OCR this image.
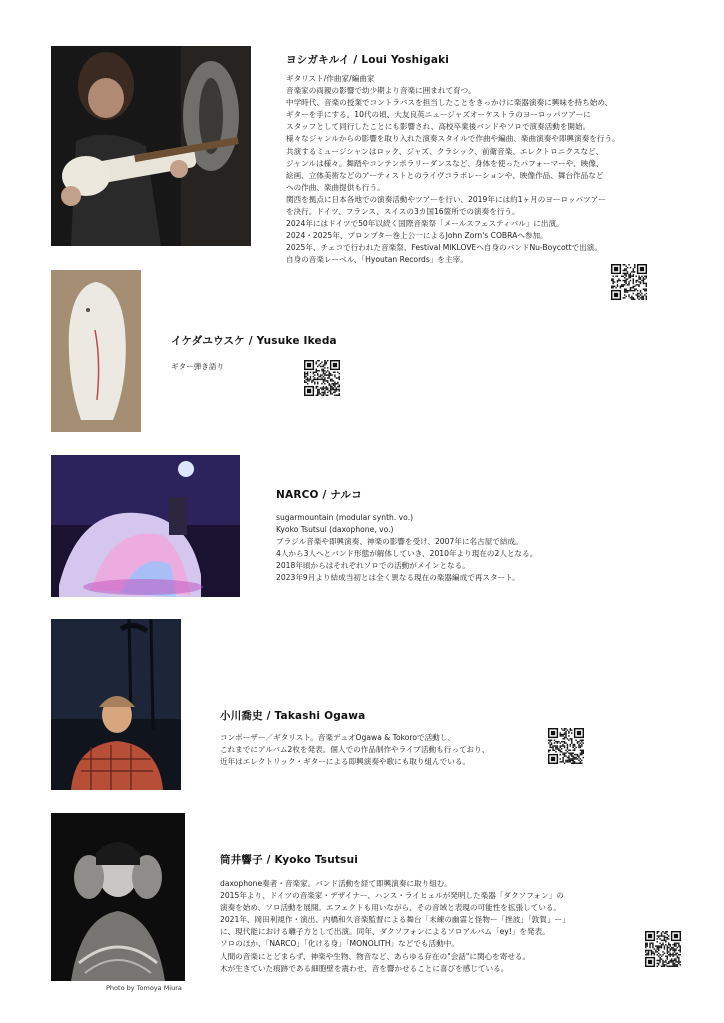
ヨシガキルイ / Loui Yoshigaki
ギタリスト/作曲家/編曲家
音楽家の両親の影響で幼少期より音楽に囲まれて育つ。
中学時代、音楽の授業でコントラバスを担当したことをきっかけに楽器演奏に興味を持ち始め、
ギターを手にする。10代の頃、大友良英ニュージャズオーケストラのヨーロッパツアーに
スタッフとして同行したことにも影響され、高校卒業後バンドやソロで演奏活動を開始。
様々なジャンルからの影響を取り入れた演奏スタイルで作曲や編曲、楽曲演奏や即興演奏を行う。
共演するミュージシャンはロック、ジャズ、クラシック、前衛音楽、エレクトロニクスなど、
ジャンルは様々。舞踏やコンテンポラリーダンスなど、身体を使ったパフォーマーや、映像、
絵画、立体美術などのアーティストとのライヴコラボレーションや、映像作品、舞台作品など
への作曲、楽曲提供も行う。
関西を拠点に日本各地での演奏活動やツアーを行い、2019年には約1ヶ月のヨーロッパツアー
を決行。ドイツ、フランス、スイスの3カ国16箇所での演奏を行う。
2024年にはドイツで50年以続く国際音楽祭「メールスフェスティバル」に出演。
2024・2025年、プロンプター巻上公一によるJohn Zorn's COBRAへ参加。
2025年、チェコで行われた音楽祭、Festival MIKLOVEへ自身のバンドNu-Boycottで出演。
自身の音楽レーベル、「Hyoutan Records」を主宰。
イケダユウスケ / Yusuke Ikeda
ギター弾き語り
NARCO / ナルコ
sugarmountain (modular synth. vo.)
Kyoko Tsutsui (daxophone, vo.)
ブラジル音楽や即興演奏、神楽の影響を受け、2007年に名古屋で結成。
4人から3人へとバンド形態が解体していき、2010年より現在の2人となる。
2018年頃からはそれぞれソロでの活動がメインとなる。
2023年9月より結成当初とは全く異なる現在の楽器編成で再スタート。
小川喬史 / Takashi Ogawa
コンポーザー／ギタリスト。音楽デュオOgawa & Tokoroで活動し、
これまでにアルバム2枚を発表。個人での作品制作やライブ活動も行っており、
近年はエレクトリック・ギターによる即興演奏や歌にも取り組んでいる。
Photo by Tomoya Miura
筒井響子 / Kyoko Tsutsui
daxophone奏者・音楽家。バンド活動を経て即興演奏に取り組む。
2015年より、ドイツの音楽家・デザイナー、ハンス・ライヒェルが発明した楽器「ダクソフォン」の
演奏を始め、ソロ活動を展開。エフェクトも用いながら、その音域と表現の可能性を拡張している。
2021年、岡田利規作・演出、内橋和久音楽監督による舞台「未練の幽霊と怪物ー「挫波」「敦賀」ー」
に、現代能における囃子方として出演。同年、ダクソフォンによるソロアルバム「ey!」を発表。
ソロのほか、「NARCO」「化ける身」「MONOLITH」などでも活動中。
人間の音楽にとどまらず、神楽や生物、物音など、あらゆる存在の"会話"に関心を寄せる。
木が生きていた痕跡である細胞壁を震わせ、音を響かせることに喜びを感じている。
